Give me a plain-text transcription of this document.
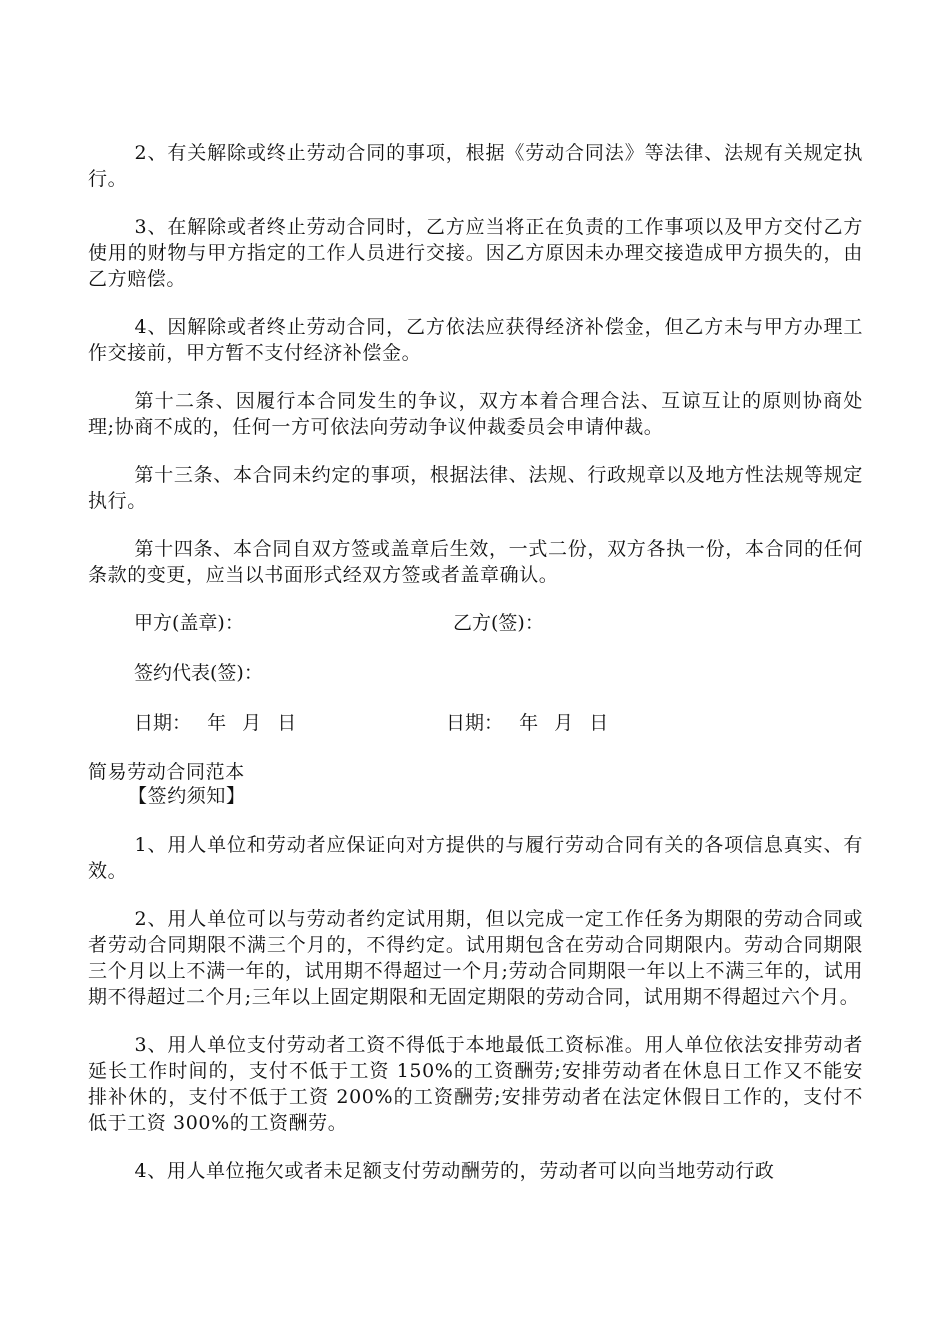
2、有关解除或终止劳动合同的事项，根据《劳动合同法》等法律、法规有关规定执行。

3、在解除或者终止劳动合同时，乙方应当将正在负责的工作事项以及甲方交付乙方使用的财物与甲方指定的工作人员进行交接。因乙方原因未办理交接造成甲方损失的，由乙方赔偿。

4、因解除或者终止劳动合同，乙方依法应获得经济补偿金，但乙方未与甲方办理工作交接前，甲方暂不支付经济补偿金。

第十二条、因履行本合同发生的争议，双方本着合理合法、互谅互让的原则协商处理;协商不成的，任何一方可依法向劳动争议仲裁委员会申请仲裁。

第十三条、本合同未约定的事项，根据法律、法规、行政规章以及地方性法规等规定执行。

第十四条、本合同自双方签或盖章后生效，一式二份，双方各执一份，本合同的任何条款的变更，应当以书面形式经双方签或者盖章确认。

甲方(盖章)：	乙方(签)：
签约代表(签)：
日期： 年 月 日	日期： 年 月 日

简易劳动合同范本

【签约须知】

1、用人单位和劳动者应保证向对方提供的与履行劳动合同有关的各项信息真实、有效。

2、用人单位可以与劳动者约定试用期，但以完成一定工作任务为期限的劳动合同或者劳动合同期限不满三个月的，不得约定。试用期包含在劳动合同期限内。劳动合同期限三个月以上不满一年的，试用期不得超过一个月;劳动合同期限一年以上不满三年的，试用期不得超过二个月;三年以上固定期限和无固定期限的劳动合同，试用期不得超过六个月。

3、用人单位支付劳动者工资不得低于本地最低工资标准。用人单位依法安排劳动者延长工作时间的，支付不低于工资 150%的工资酬劳;安排劳动者在休息日工作又不能安排补休的，支付不低于工资 200%的工资酬劳;安排劳动者在法定休假日工作的，支付不低于工资 300%的工资酬劳。

4、用人单位拖欠或者未足额支付劳动酬劳的，劳动者可以向当地劳动行政
